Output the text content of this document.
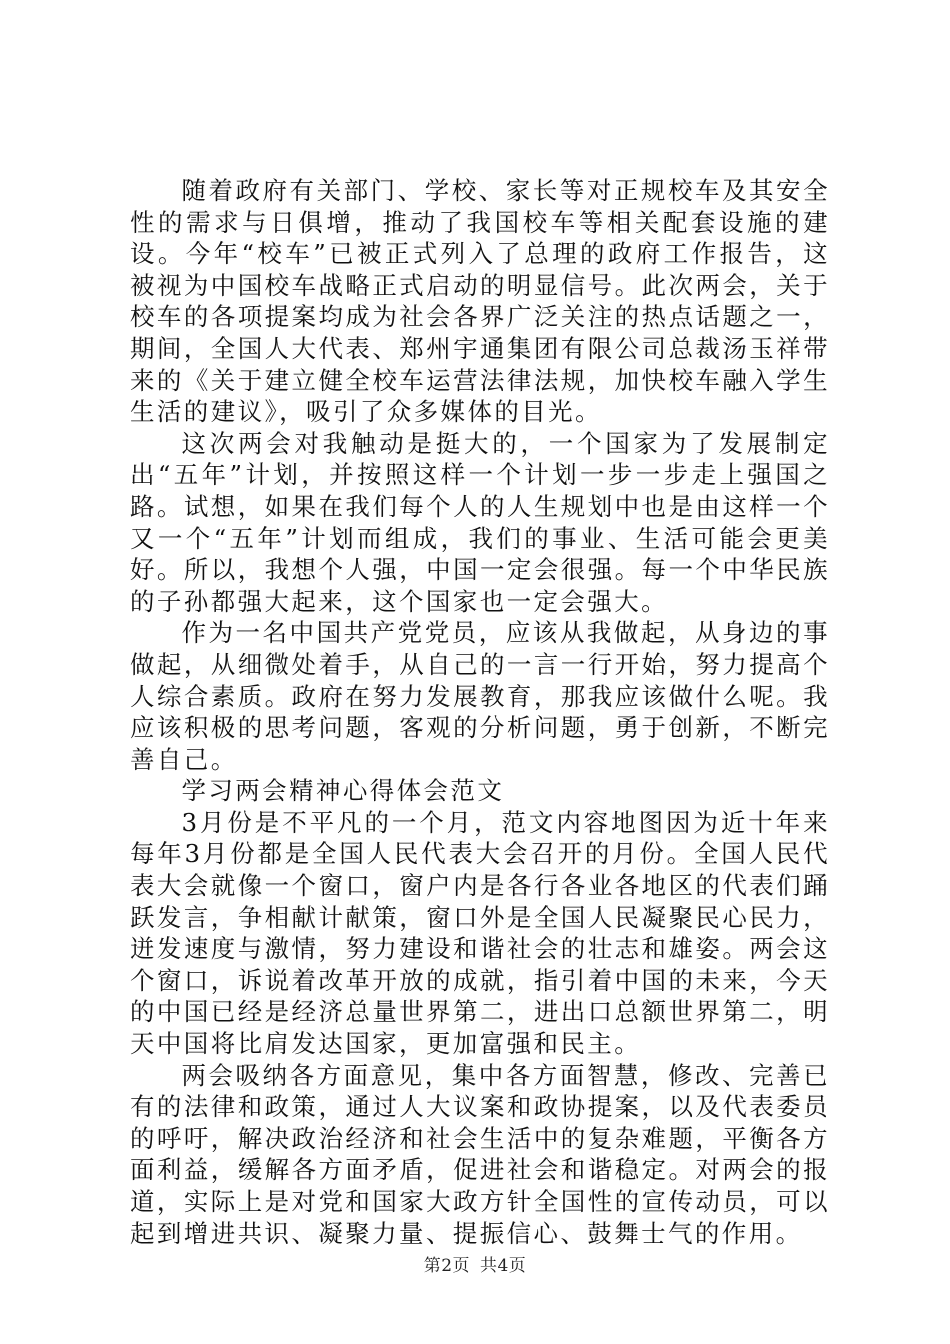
随着政府有关部门、学校、家长等对正规校车及其安全性的需求与日俱增，推动了我国校车等相关配套设施的建设。今年“校车”已被正式列入了总理的政府工作报告，这被视为中国校车战略正式启动的明显信号。此次两会，关于校车的各项提案均成为社会各界广泛关注的热点话题之一，期间，全国人大代表、郑州宇通集团有限公司总裁汤玉祥带来的《关于建立健全校车运营法律法规，加快校车融入学生生活的建议》，吸引了众多媒体的目光。

这次两会对我触动是挺大的，一个国家为了发展制定出“五年”计划，并按照这样一个计划一步一步走上强国之路。试想，如果在我们每个人的人生规划中也是由这样一个又一个“五年”计划而组成，我们的事业、生活可能会更美好。所以，我想个人强，中国一定会很强。每一个中华民族的子孙都强大起来，这个国家也一定会强大。

作为一名中国共产党党员，应该从我做起，从身边的事做起，从细微处着手，从自己的一言一行开始，努力提高个人综合素质。政府在努力发展教育，那我应该做什么呢。我应该积极的思考问题，客观的分析问题，勇于创新，不断完善自己。

学习两会精神心得体会范文

3月份是不平凡的一个月，范文内容地图因为近十年来每年3月份都是全国人民代表大会召开的月份。全国人民代表大会就像一个窗口，窗户内是各行各业各地区的代表们踊跃发言，争相献计献策，窗口外是全国人民凝聚民心民力，迸发速度与激情，努力建设和谐社会的壮志和雄姿。两会这个窗口，诉说着改革开放的成就，指引着中国的未来，今天的中国已经是经济总量世界第二，进出口总额世界第二，明天中国将比肩发达国家，更加富强和民主。

两会吸纳各方面意见，集中各方面智慧，修改、完善已有的法律和政策，通过人大议案和政协提案，以及代表委员的呼吁，解决政治经济和社会生活中的复杂难题，平衡各方面利益，缓解各方面矛盾，促进社会和谐稳定。对两会的报道，实际上是对党和国家大政方针全国性的宣传动员，可以起到增进共识、凝聚力量、提振信心、鼓舞士气的作用。

第2页 共4页
